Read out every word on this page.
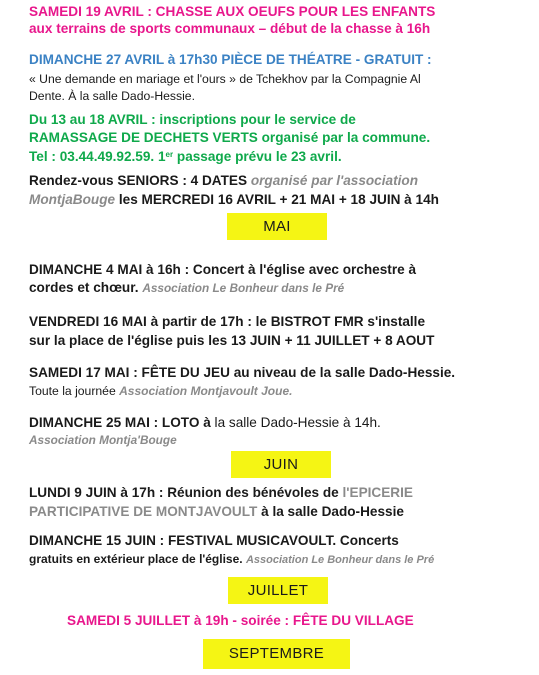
SAMEDI 19 AVRIL : CHASSE AUX OEUFS POUR LES ENFANTS
aux terrains de sports communaux – début de la chasse à 16h
DIMANCHE 27 AVRIL à 17h30 PIÈCE DE THÉATRE - GRATUIT :
« Une demande en mariage et l'ours » de Tchekhov par la Compagnie Al
Dente. À la salle Dado-Hessie.
Du 13 au 18 AVRIL : inscriptions pour le service de
RAMASSAGE DE DECHETS VERTS organisé par la commune.
Tel : 03.44.49.92.59. 1er passage prévu le 23 avril.
Rendez-vous SENIORS : 4 DATES organisé par l'association
MontjaBouge les MERCREDI 16 AVRIL + 21 MAI + 18 JUIN à 14h
MAI
DIMANCHE 4 MAI à 16h : Concert à l'église avec orchestre à
cordes et chœur. Association Le Bonheur dans le Pré
VENDREDI 16 MAI à partir de 17h : le BISTROT FMR s'installe
sur la place de l'église puis les 13 JUIN + 11 JUILLET + 8 AOUT
SAMEDI 17 MAI : FÊTE DU JEU au niveau de la salle Dado-Hessie.
Toute la journée Association Montjavoult Joue.
DIMANCHE 25 MAI : LOTO à la salle Dado-Hessie à 14h.
Association Montja'Bouge
JUIN
LUNDI 9 JUIN à 17h : Réunion des bénévoles de l'EPICERIE
PARTICIPATIVE DE MONTJAVOULT à la salle Dado-Hessie
DIMANCHE 15 JUIN : FESTIVAL MUSICAVOULT. Concerts
gratuits en extérieur place de l'église. Association Le Bonheur dans le Pré
JUILLET
SAMEDI 5 JUILLET à 19h - soirée : FÊTE DU VILLAGE
SEPTEMBRE
